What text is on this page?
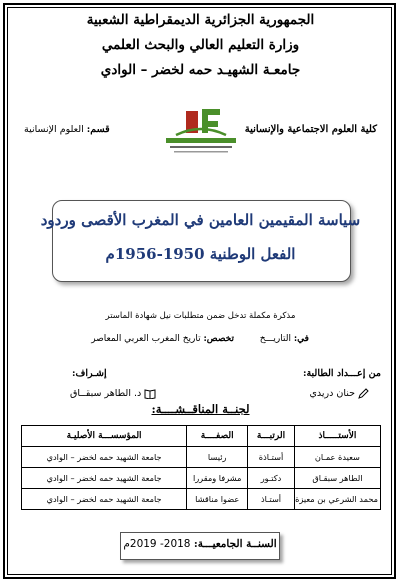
الجمهورية الجزائرية الديمقراطية الشعبية
وزارة التعليم العالي والبحث العلمي
جامعـة الشهيـد حمه لخضر – الوادي
كلية العلوم الاجتماعية والإنسانية
قسم: العلوم الإنسانية
سياسة المقيمين العامين في المغرب الأقصى وردود
الفعل الوطنية 1950-1956م
مذكرة مكملة تدخل ضمن متطلبات نيل شهادة الماستر
في: التاريـــخ         تخصص: تاريخ المغرب العربي المعاصر
من إعـــداد الطالبة:
إشـراف:
حنان دريدي
د. الطاهر سبقــاق
لجنــة المناقــشــــة:
الأستـــــاذ	الرتبـــة	الصفــــة	المؤسســـة الأصليـة
سعيدة عمـان	أستـاذة	رئيسا	جامعة الشهيد حمه لخضر – الوادي
الطاهر سبقـاق	دكتـور	مشرفا ومقررا	جامعة الشهيد حمه لخضر – الوادي
محمد الشرعي بن معيزة	أستـاذ	عضوا مناقشا	جامعة الشهيد حمه لخضر – الوادي
السنــة الجامعيـــة: 2018- 2019م
